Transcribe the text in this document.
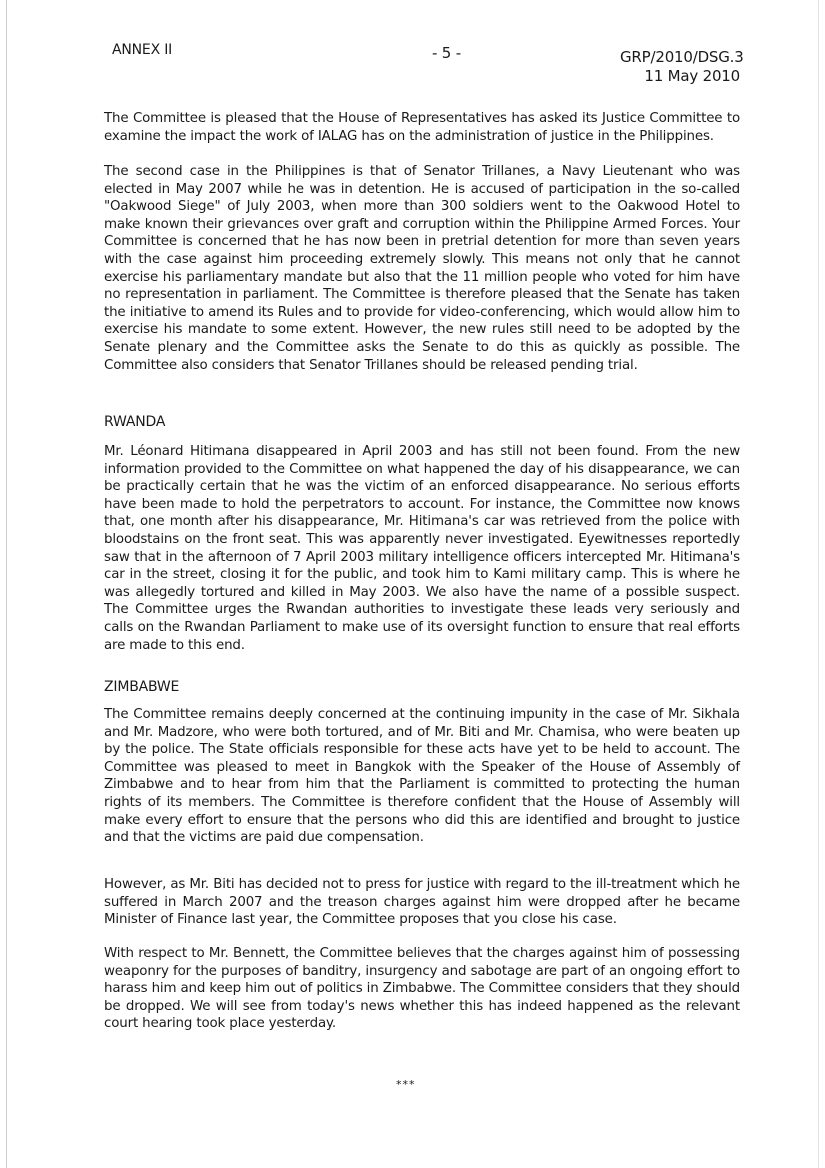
ANNEX II	- 5 -	GRP/2010/DSG.3
11 May 2010
The Committee is pleased that the House of Representatives has asked its Justice Committee to examine the impact the work of IALAG has on the administration of justice in the Philippines.
The second case in the Philippines is that of Senator Trillanes, a Navy Lieutenant who was elected in May 2007 while he was in detention. He is accused of participation in the so-called "Oakwood Siege" of July 2003, when more than 300 soldiers went to the Oakwood Hotel to make known their grievances over graft and corruption within the Philippine Armed Forces. Your Committee is concerned that he has now been in pretrial detention for more than seven years with the case against him proceeding extremely slowly. This means not only that he cannot exercise his parliamentary mandate but also that the 11 million people who voted for him have no representation in parliament. The Committee is therefore pleased that the Senate has taken the initiative to amend its Rules and to provide for video-conferencing, which would allow him to exercise his mandate to some extent. However, the new rules still need to be adopted by the Senate plenary and the Committee asks the Senate to do this as quickly as possible. The Committee also considers that Senator Trillanes should be released pending trial.
RWANDA
Mr. Léonard Hitimana disappeared in April 2003 and has still not been found. From the new information provided to the Committee on what happened the day of his disappearance, we can be practically certain that he was the victim of an enforced disappearance. No serious efforts have been made to hold the perpetrators to account. For instance, the Committee now knows that, one month after his disappearance, Mr. Hitimana's car was retrieved from the police with bloodstains on the front seat. This was apparently never investigated. Eyewitnesses reportedly saw that in the afternoon of 7 April 2003 military intelligence officers intercepted Mr. Hitimana's car in the street, closing it for the public, and took him to Kami military camp. This is where he was allegedly tortured and killed in May 2003. We also have the name of a possible suspect. The Committee urges the Rwandan authorities to investigate these leads very seriously and calls on the Rwandan Parliament to make use of its oversight function to ensure that real efforts are made to this end.
ZIMBABWE
The Committee remains deeply concerned at the continuing impunity in the case of Mr. Sikhala and Mr. Madzore, who were both tortured, and of Mr. Biti and Mr. Chamisa, who were beaten up by the police. The State officials responsible for these acts have yet to be held to account. The Committee was pleased to meet in Bangkok with the Speaker of the House of Assembly of Zimbabwe and to hear from him that the Parliament is committed to protecting the human rights of its members. The Committee is therefore confident that the House of Assembly will make every effort to ensure that the persons who did this are identified and brought to justice and that the victims are paid due compensation.
However, as Mr. Biti has decided not to press for justice with regard to the ill-treatment which he suffered in March 2007 and the treason charges against him were dropped after he became Minister of Finance last year, the Committee proposes that you close his case.
With respect to Mr. Bennett, the Committee believes that the charges against him of possessing weaponry for the purposes of banditry, insurgency and sabotage are part of an ongoing effort to harass him and keep him out of politics in Zimbabwe. The Committee considers that they should be dropped. We will see from today's news whether this has indeed happened as the relevant court hearing took place yesterday.
***
